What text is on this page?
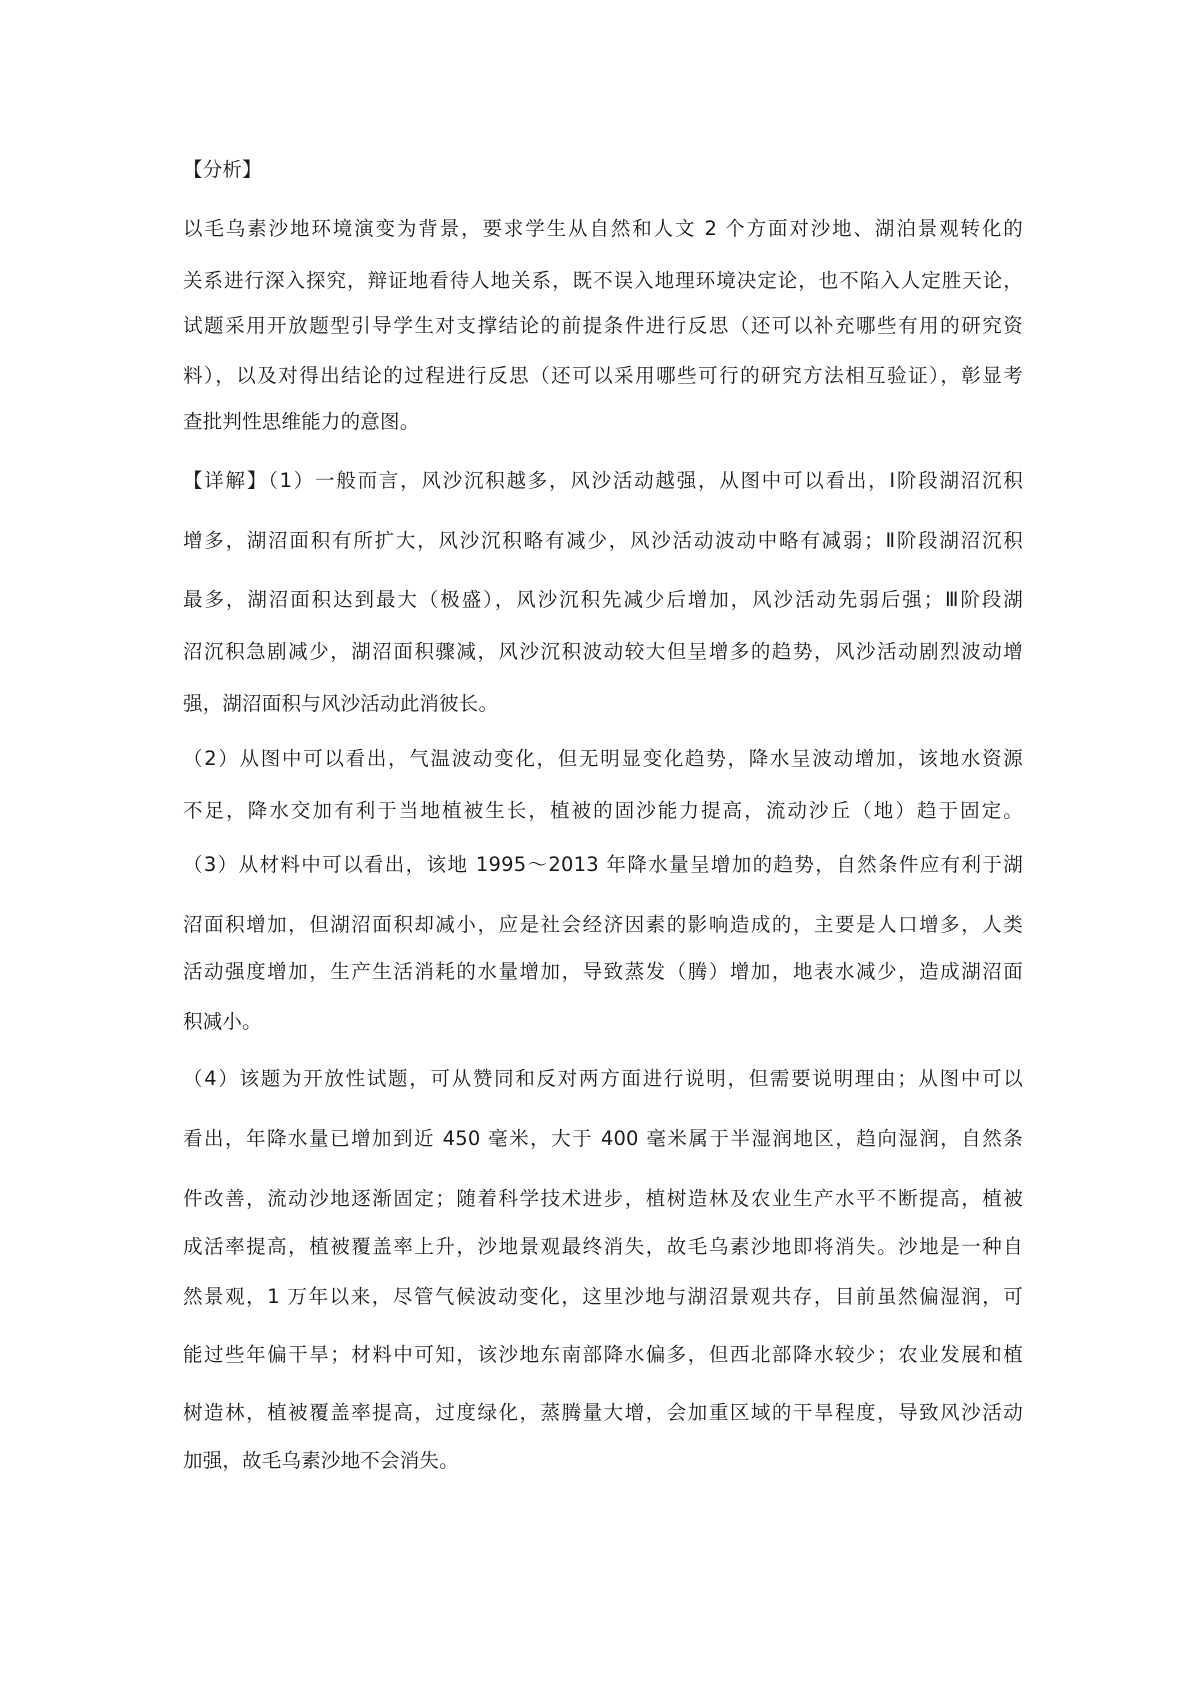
【分析】
以毛乌素沙地环境演变为背景，要求学生从自然和人文 2 个方面对沙地、湖泊景观转化的
关系进行深入探究，辩证地看待人地关系，既不误入地理环境决定论，也不陷入人定胜天论，
试题采用开放题型引导学生对支撑结论的前提条件进行反思（还可以补充哪些有用的研究资
料），以及对得出结论的过程进行反思（还可以采用哪些可行的研究方法相互验证），彰显考
查批判性思维能力的意图。
【详解】（1）一般而言，风沙沉积越多，风沙活动越强，从图中可以看出，Ⅰ阶段湖沼沉积
增多，湖沼面积有所扩大，风沙沉积略有减少，风沙活动波动中略有减弱；Ⅱ阶段湖沼沉积
最多，湖沼面积达到最大（极盛），风沙沉积先减少后增加，风沙活动先弱后强；Ⅲ阶段湖
沼沉积急剧减少，湖沼面积骤减，风沙沉积波动较大但呈增多的趋势，风沙活动剧烈波动增
强，湖沼面积与风沙活动此消彼长。
（2）从图中可以看出，气温波动变化，但无明显变化趋势，降水呈波动增加，该地水资源
不足，降水交加有利于当地植被生长，植被的固沙能力提高，流动沙丘（地）趋于固定。
（3）从材料中可以看出，该地 1995～2013 年降水量呈增加的趋势，自然条件应有利于湖
沼面积增加，但湖沼面积却减小，应是社会经济因素的影响造成的，主要是人口增多，人类
活动强度增加，生产生活消耗的水量增加，导致蒸发（腾）增加，地表水减少，造成湖沼面
积减小。
（4）该题为开放性试题，可从赞同和反对两方面进行说明，但需要说明理由；从图中可以
看出，年降水量已增加到近 450 毫米，大于 400 毫米属于半湿润地区，趋向湿润，自然条
件改善，流动沙地逐渐固定；随着科学技术进步，植树造林及农业生产水平不断提高，植被
成活率提高，植被覆盖率上升，沙地景观最终消失，故毛乌素沙地即将消失。沙地是一种自
然景观，1 万年以来，尽管气候波动变化，这里沙地与湖沼景观共存，目前虽然偏湿润，可
能过些年偏干旱；材料中可知，该沙地东南部降水偏多，但西北部降水较少；农业发展和植
树造林，植被覆盖率提高，过度绿化，蒸腾量大增，会加重区域的干旱程度，导致风沙活动
加强，故毛乌素沙地不会消失。
